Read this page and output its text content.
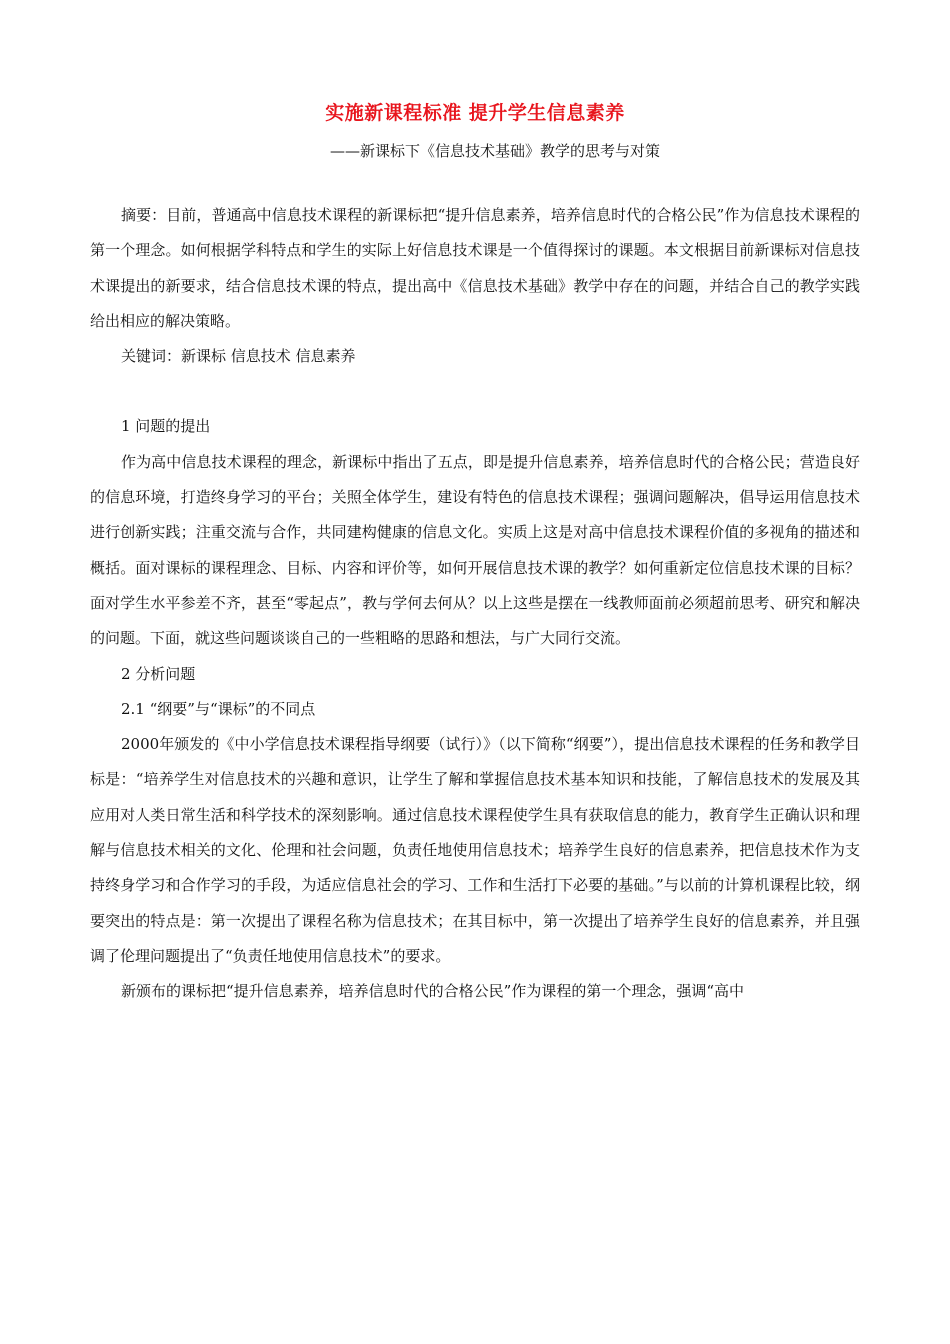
实施新课程标准 提升学生信息素养

——新课标下《信息技术基础》教学的思考与对策

摘要：目前，普通高中信息技术课程的新课标把“提升信息素养，培养信息时代的合格公民”作为信息技术课程的第一个理念。如何根据学科特点和学生的实际上好信息技术课是一个值得探讨的课题。本文根据目前新课标对信息技术课提出的新要求，结合信息技术课的特点，提出高中《信息技术基础》教学中存在的问题，并结合自己的教学实践给出相应的解决策略。

关键词：新课标 信息技术 信息素养

1 问题的提出

作为高中信息技术课程的理念，新课标中指出了五点，即是提升信息素养，培养信息时代的合格公民；营造良好的信息环境，打造终身学习的平台；关照全体学生，建设有特色的信息技术课程；强调问题解决，倡导运用信息技术进行创新实践；注重交流与合作，共同建构健康的信息文化。实质上这是对高中信息技术课程价值的多视角的描述和概括。面对课标的课程理念、目标、内容和评价等，如何开展信息技术课的教学？如何重新定位信息技术课的目标？面对学生水平参差不齐，甚至“零起点”，教与学何去何从？以上这些是摆在一线教师面前必须超前思考、研究和解决的问题。下面，就这些问题谈谈自己的一些粗略的思路和想法，与广大同行交流。

2 分析问题

2.1 “纲要”与“课标”的不同点

2000年颁发的《中小学信息技术课程指导纲要（试行）》（以下简称“纲要”），提出信息技术课程的任务和教学目标是：“培养学生对信息技术的兴趣和意识，让学生了解和掌握信息技术基本知识和技能，了解信息技术的发展及其应用对人类日常生活和科学技术的深刻影响。通过信息技术课程使学生具有获取信息的能力，教育学生正确认识和理解与信息技术相关的文化、伦理和社会问题，负责任地使用信息技术；培养学生良好的信息素养，把信息技术作为支持终身学习和合作学习的手段，为适应信息社会的学习、工作和生活打下必要的基础。”与以前的计算机课程比较，纲要突出的特点是：第一次提出了课程名称为信息技术；在其目标中，第一次提出了培养学生良好的信息素养，并且强调了伦理问题提出了“负责任地使用信息技术”的要求。

新颁布的课标把“提升信息素养，培养信息时代的合格公民”作为课程的第一个理念，强调“高中
